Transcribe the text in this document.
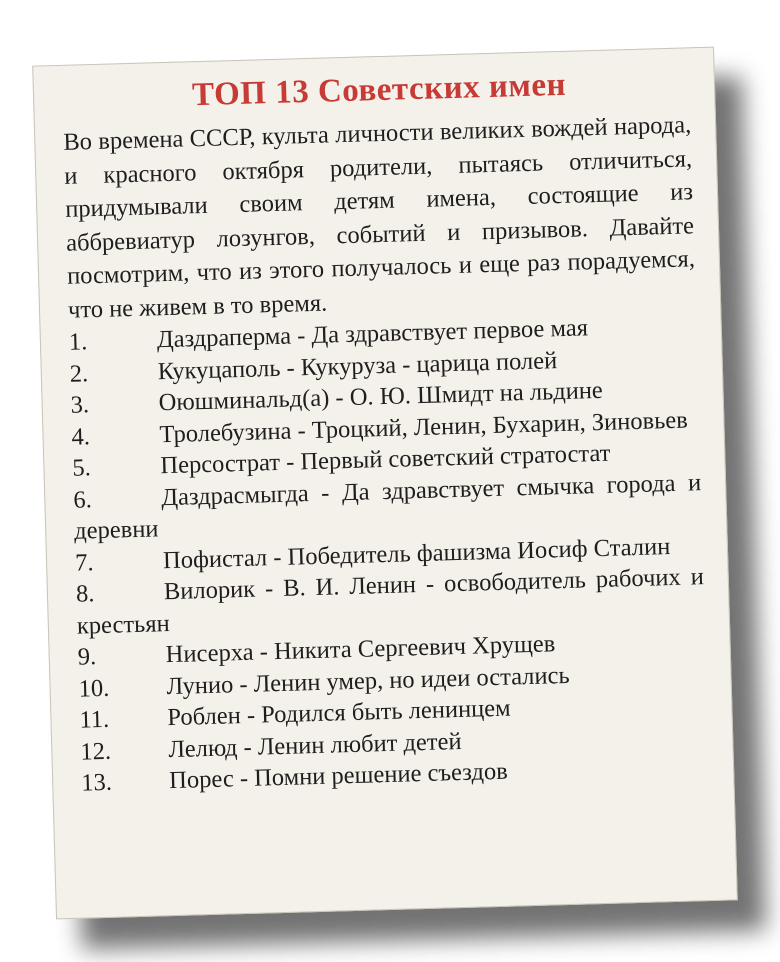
ТОП 13 Советских имен

Во времена СССР, культа личности великих вождей народа, и красного октября родители, пытаясь отличиться, придумывали своим детям имена, состоящие из аббревиатур лозунгов, событий и призывов. Давайте посмотрим, что из этого получалось и еще раз порадуемся, что не живем в то время.

1.	Даздраперма - Да здравствует первое мая
2.	Кукуцаполь - Кукуруза - царица полей
3.	Оюшминальд(а) - О. Ю. Шмидт на льдине
4.	Тролебузина - Троцкий, Ленин, Бухарин, Зиновьев
5.	Персострат - Первый советский стратостат
6.	Даздрасмыгда - Да здравствует смычка города и деревни
7.	Пофистал - Победитель фашизма Иосиф Сталин
8.	Вилорик - В. И. Ленин - освободитель рабочих и крестьян
9.	Нисерха - Никита Сергеевич Хрущев
10. Лунио - Ленин умер, но идеи остались
11. Роблен - Родился быть ленинцем
12. Лелюд - Ленин любит детей
13. Порес - Помни решение съездов
